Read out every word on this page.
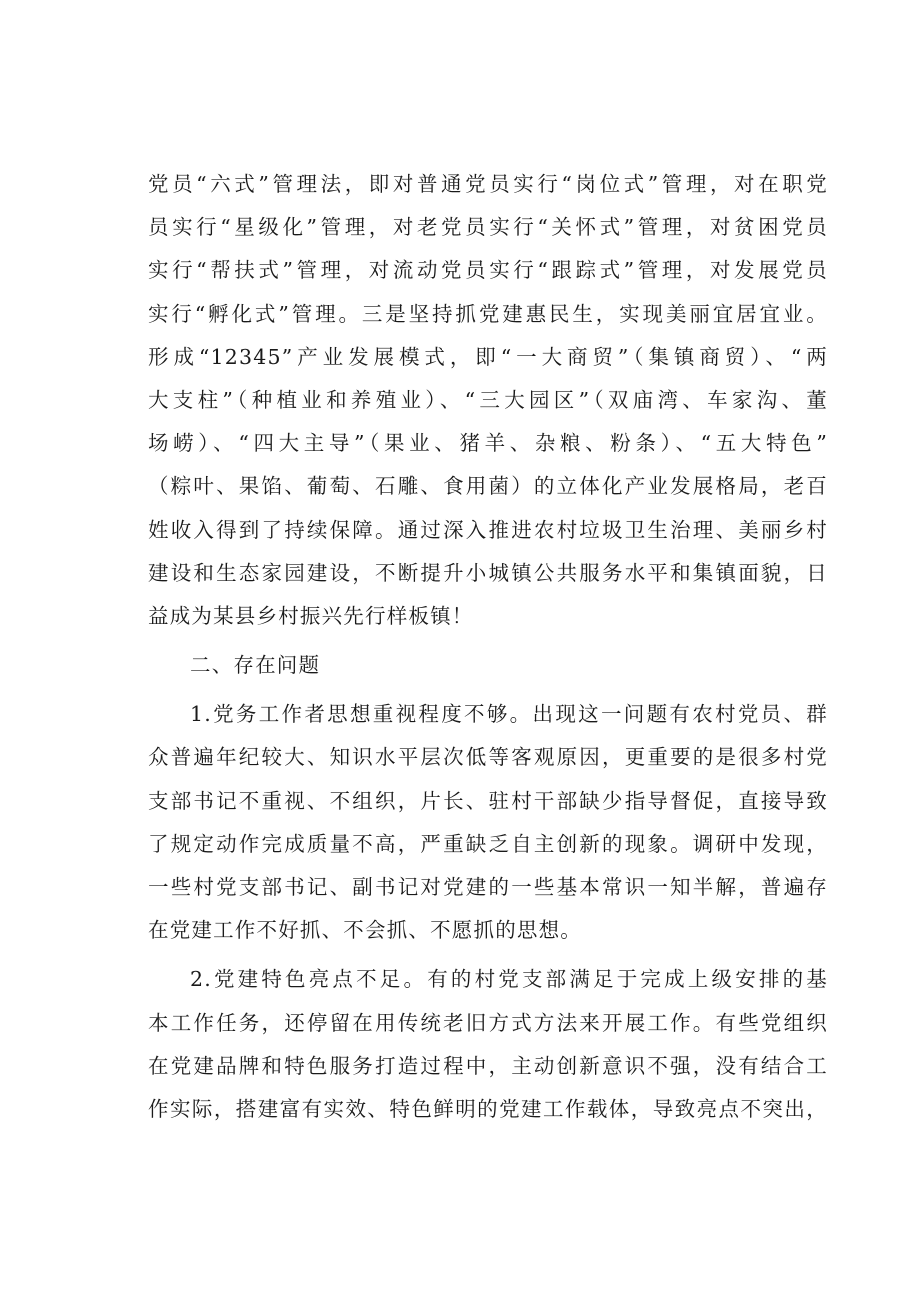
党员“六式”管理法，即对普通党员实行“岗位式”管理，对在职党
员实行“星级化”管理，对老党员实行“关怀式”管理，对贫困党员
实行“帮扶式”管理，对流动党员实行“跟踪式”管理，对发展党员
实行“孵化式”管理。三是坚持抓党建惠民生，实现美丽宜居宜业。
形成“12345”产业发展模式，即“一大商贸”（集镇商贸）、“两
大支柱”（种植业和养殖业）、“三大园区”（双庙湾、车家沟、董
场崂）、“四大主导”（果业、猪羊、杂粮、粉条）、“五大特色”
（粽叶、果馅、葡萄、石雕、食用菌）的立体化产业发展格局，老百
姓收入得到了持续保障。通过深入推进农村垃圾卫生治理、美丽乡村
建设和生态家园建设，不断提升小城镇公共服务水平和集镇面貌，日
益成为某县乡村振兴先行样板镇！
二、存在问题
1.党务工作者思想重视程度不够。出现这一问题有农村党员、群
众普遍年纪较大、知识水平层次低等客观原因，更重要的是很多村党
支部书记不重视、不组织，片长、驻村干部缺少指导督促，直接导致
了规定动作完成质量不高，严重缺乏自主创新的现象。调研中发现，
一些村党支部书记、副书记对党建的一些基本常识一知半解，普遍存
在党建工作不好抓、不会抓、不愿抓的思想。
2.党建特色亮点不足。有的村党支部满足于完成上级安排的基
本工作任务，还停留在用传统老旧方式方法来开展工作。有些党组织
在党建品牌和特色服务打造过程中，主动创新意识不强，没有结合工
作实际，搭建富有实效、特色鲜明的党建工作载体，导致亮点不突出，
